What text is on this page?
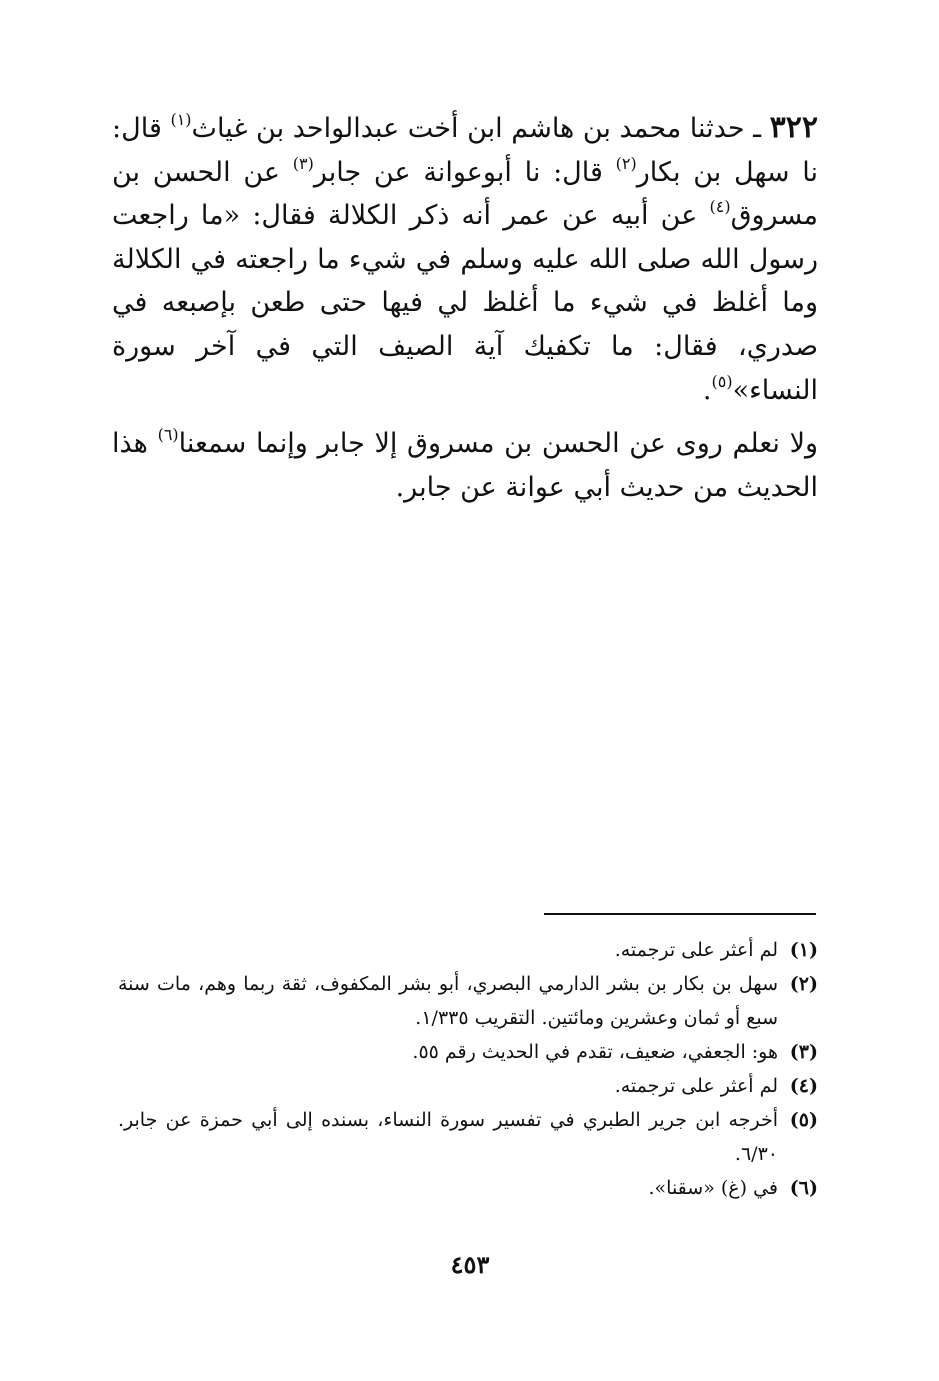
٣٢٢ ـ حدثنا محمد بن هاشم ابن أخت عبدالواحد بن غياث$^{(١)}$ قال: نا سهل بن بكار$^{(٢)}$ قال: نا أبوعوانة عن جابر$^{(٣)}$ عن الحسن بن مسروق$^{(٤)}$ عن أبيه عن عمر أنه ذكر الكلالة فقال: «ما راجعت رسول الله صلى الله عليه وسلم في شيء ما راجعته في الكلالة وما أغلظ في شيء ما أغلظ لي فيها حتى طعن بإصبعه في صدري، فقال: ما تكفيك آية الصيف التي في آخر سورة النساء»$^{(٥)}$.

ولا نعلم روى عن الحسن بن مسروق إلا جابر وإنما سمعنا$^{(٦)}$ هذا الحديث من حديث أبي عوانة عن جابر.

(١)
لم أعثر على ترجمته.
(٢)
سهل بن بكار بن بشر الدارمي البصري، أبو بشر المكفوف، ثقة ربما وهم، مات سنة سبع أو ثمان وعشرين ومائتين. التقريب ١/٣٣٥.
(٣)
هو: الجعفي، ضعيف، تقدم في الحديث رقم ٥٥.
(٤)
لم أعثر على ترجمته.
(٥)
أخرجه ابن جرير الطبري في تفسير سورة النساء، بسنده إلى أبي حمزة عن جابر. ٦/٣٠.
(٦)
في (غ) «سقنا».
٤٥٣
